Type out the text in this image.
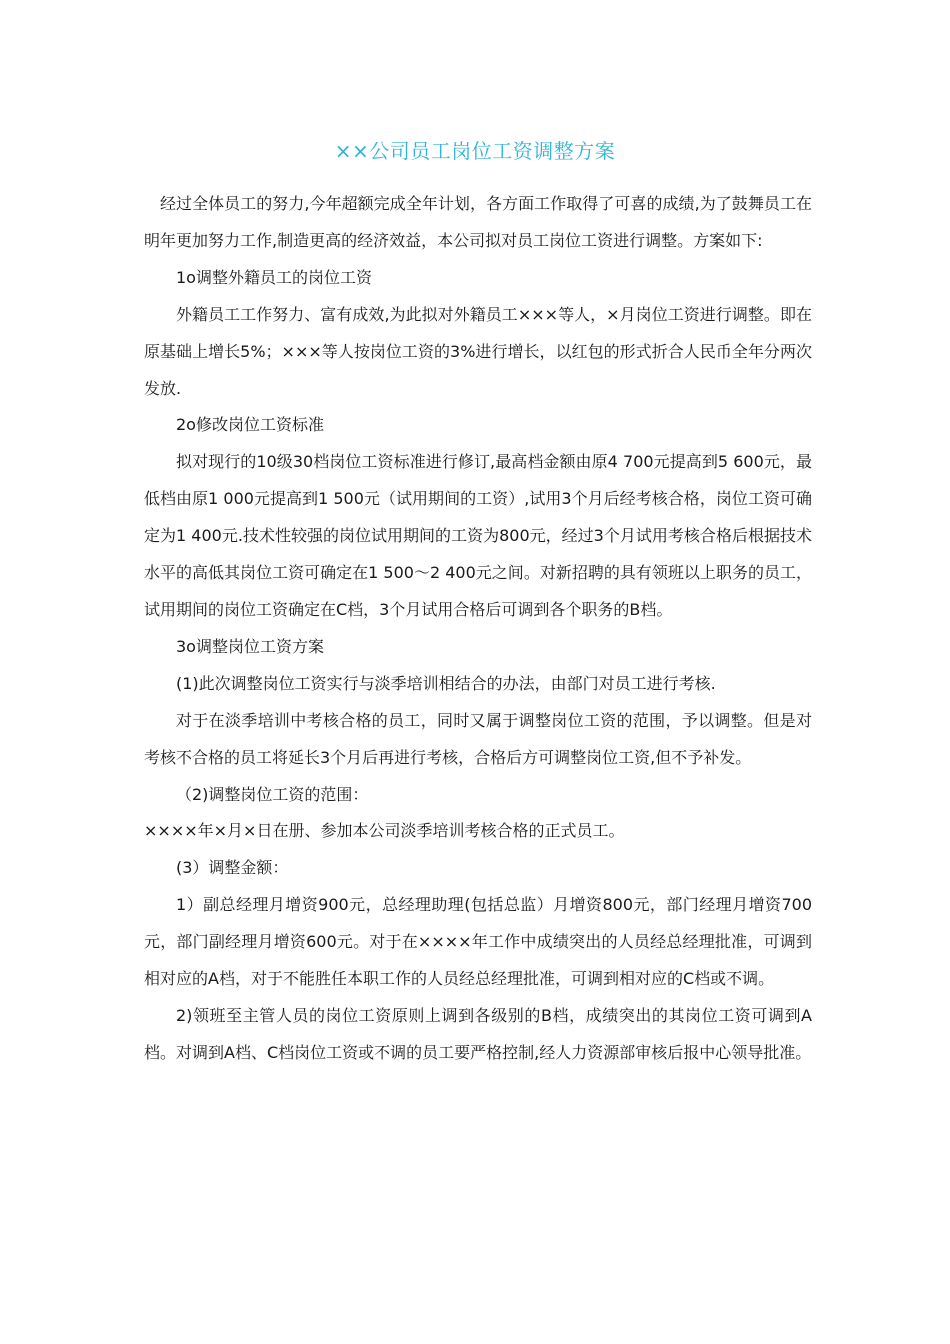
××公司员工岗位工资调整方案

经过全体员工的努力,今年超额完成全年计划，各方面工作取得了可喜的成绩,为了鼓舞员工在明年更加努力工作,制造更高的经济效益，本公司拟对员工岗位工资进行调整。方案如下:

1o调整外籍员工的岗位工资

外籍员工工作努力、富有成效,为此拟对外籍员工×××等人，×月岗位工资进行调整。即在原基础上增长5%；×××等人按岗位工资的3%进行增长，以红包的形式折合人民币全年分两次发放.

2o修改岗位工资标准

拟对现行的10级30档岗位工资标准进行修订,最高档金额由原4 700元提高到5 600元，最低档由原1 000元提高到1 500元（试用期间的工资）,试用3个月后经考核合格，岗位工资可确定为1 400元.技术性较强的岗位试用期间的工资为800元，经过3个月试用考核合格后根据技术水平的高低其岗位工资可确定在1 500～2 400元之间。对新招聘的具有领班以上职务的员工，试用期间的岗位工资确定在C档，3个月试用合格后可调到各个职务的B档。

3o调整岗位工资方案

(1)此次调整岗位工资实行与淡季培训相结合的办法，由部门对员工进行考核.

对于在淡季培训中考核合格的员工，同时又属于调整岗位工资的范围，予以调整。但是对考核不合格的员工将延长3个月后再进行考核，合格后方可调整岗位工资,但不予补发。

（2)调整岗位工资的范围：

××××年×月×日在册、参加本公司淡季培训考核合格的正式员工。

(3）调整金额：

1）副总经理月增资900元，总经理助理(包括总监）月增资800元，部门经理月增资700元，部门副经理月增资600元。对于在××××年工作中成绩突出的人员经总经理批准，可调到相对应的A档，对于不能胜任本职工作的人员经总经理批准，可调到相对应的C档或不调。

2)领班至主管人员的岗位工资原则上调到各级别的B档，成绩突出的其岗位工资可调到A档。对调到A档、C档岗位工资或不调的员工要严格控制,经人力资源部审核后报中心领导批准。
